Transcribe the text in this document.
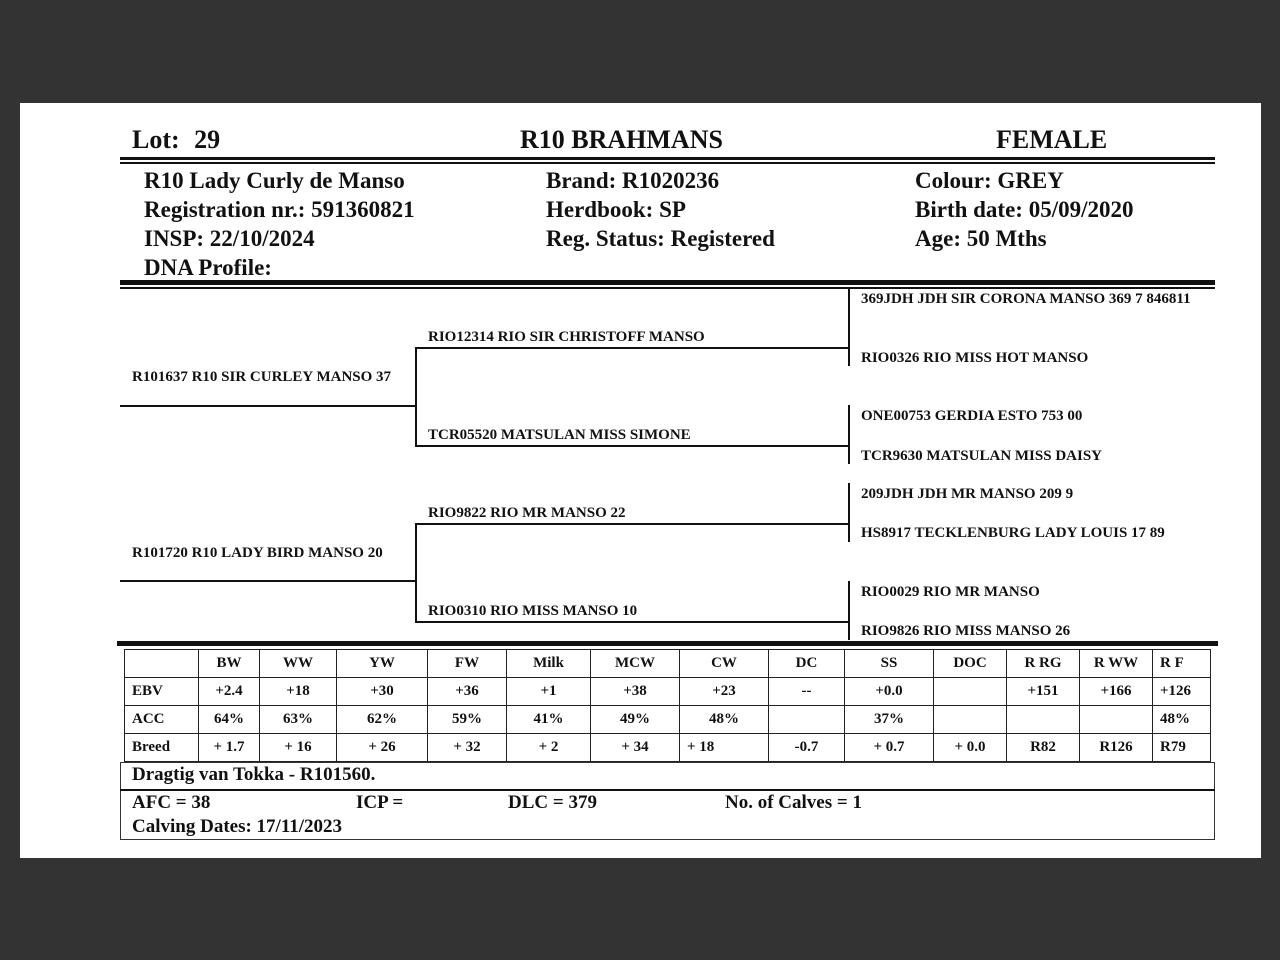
Lot: 29	R10 BRAHMANS	FEMALE
R10 Lady Curly de Manso
Registration nr.: 591360821
INSP: 22/10/2024
DNA Profile:
Brand: R1020236
Herdbook: SP
Reg. Status: Registered
Colour: GREY
Birth date: 05/09/2020
Age: 50 Mths
R101637 R10 SIR CURLEY MANSO 37
R101720 R10 LADY BIRD MANSO 20
RIO12314 RIO SIR CHRISTOFF MANSO
TCR05520 MATSULAN MISS SIMONE
RIO9822 RIO MR MANSO 22
RIO0310 RIO MISS MANSO 10
369JDH JDH SIR CORONA MANSO 369 7 846811
RIO0326 RIO MISS HOT MANSO
ONE00753 GERDIA ESTO 753 00
TCR9630 MATSULAN MISS DAISY
209JDH JDH MR MANSO 209 9
HS8917 TECKLENBURG LADY LOUIS 17 89
RIO0029 RIO MR MANSO
RIO9826 RIO MISS MANSO 26
	BW	WW	YW	FW	Milk	MCW	CW	DC	SS	DOC	R RG	R WW	R F
EBV	+2.4	+18	+30	+36	+1	+38	+23	--	+0.0		+151	+166	+126
ACC	64%	63%	62%	59%	41%	49%	48%		37%				48%
Breed	+ 1.7	+ 16	+ 26	+ 32	+ 2	+ 34	+ 18	-0.7	+ 0.7	+ 0.0	R82	R126	R79
Dragtig van Tokka - R101560.
AFC = 38	ICP =	DLC = 379	No. of Calves = 1
Calving Dates: 17/11/2023
